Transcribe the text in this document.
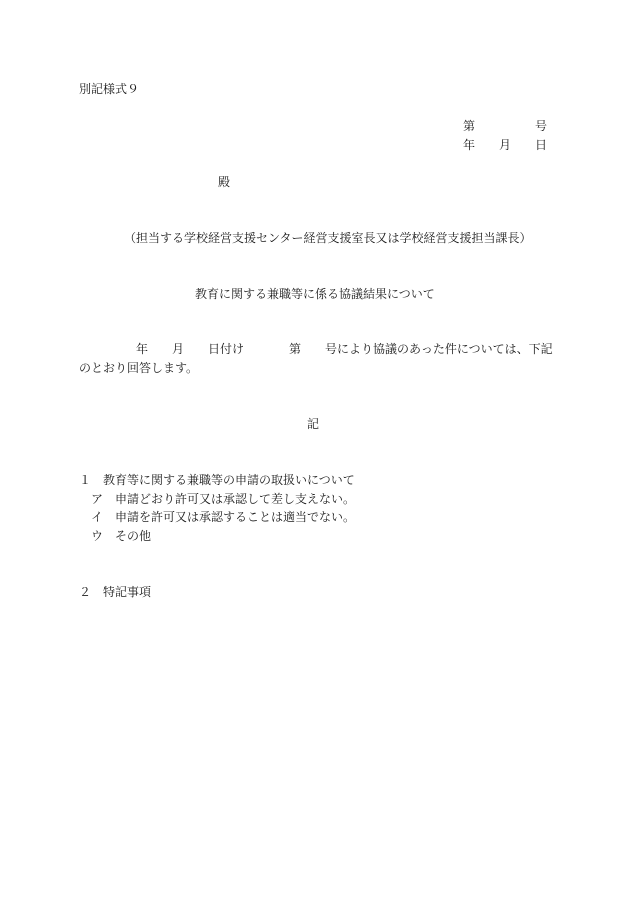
別記様式９
第	号
年 月 日
殿
（担当する学校経営支援センター経営支援室長又は学校経営支援担当課長）
教育に関する兼職等に係る協議結果について
年 月 日付け	第 号により協議のあった件については、下記
のとおり回答します。
記
１　教育等に関する兼職等の申請の取扱いについて
ア　申請どおり許可又は承認して差し支えない。
イ　申請を許可又は承認することは適当でない。
ウ　その他
２　特記事項
